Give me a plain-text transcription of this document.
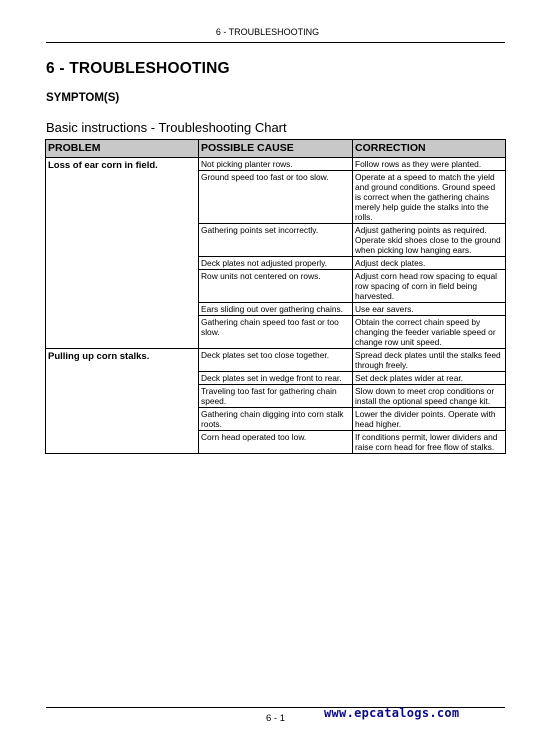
6 - TROUBLESHOOTING
6 - TROUBLESHOOTING
SYMPTOM(S)
Basic instructions - Troubleshooting Chart
PROBLEM	POSSIBLE CAUSE	CORRECTION
Loss of ear corn in field.	Not picking planter rows.	Follow rows as they were planted.
	Ground speed too fast or too slow.	Operate at a speed to match the yield and ground conditions. Ground speed is correct when the gathering chains merely help guide the stalks into the rolls.
	Gathering points set incorrectly.	Adjust gathering points as required. Operate skid shoes close to the ground when picking low hanging ears.
	Deck plates not adjusted properly.	Adjust deck plates.
	Row units not centered on rows.	Adjust corn head row spacing to equal row spacing of corn in field being harvested.
	Ears sliding out over gathering chains.	Use ear savers.
	Gathering chain speed too fast or too slow.	Obtain the correct chain speed by changing the feeder variable speed or change row unit speed.
Pulling up corn stalks.	Deck plates set too close together.	Spread deck plates until the stalks feed through freely.
	Deck plates set in wedge front to rear.	Set deck plates wider at rear.
	Traveling too fast for gathering chain speed.	Slow down to meet crop conditions or install the optional speed change kit.
	Gathering chain digging into corn stalk roots.	Lower the divider points. Operate with head higher.
	Corn head operated too low.	If conditions permit, lower dividers and raise corn head for free flow of stalks.
6 - 1	www.epcatalogs.com
